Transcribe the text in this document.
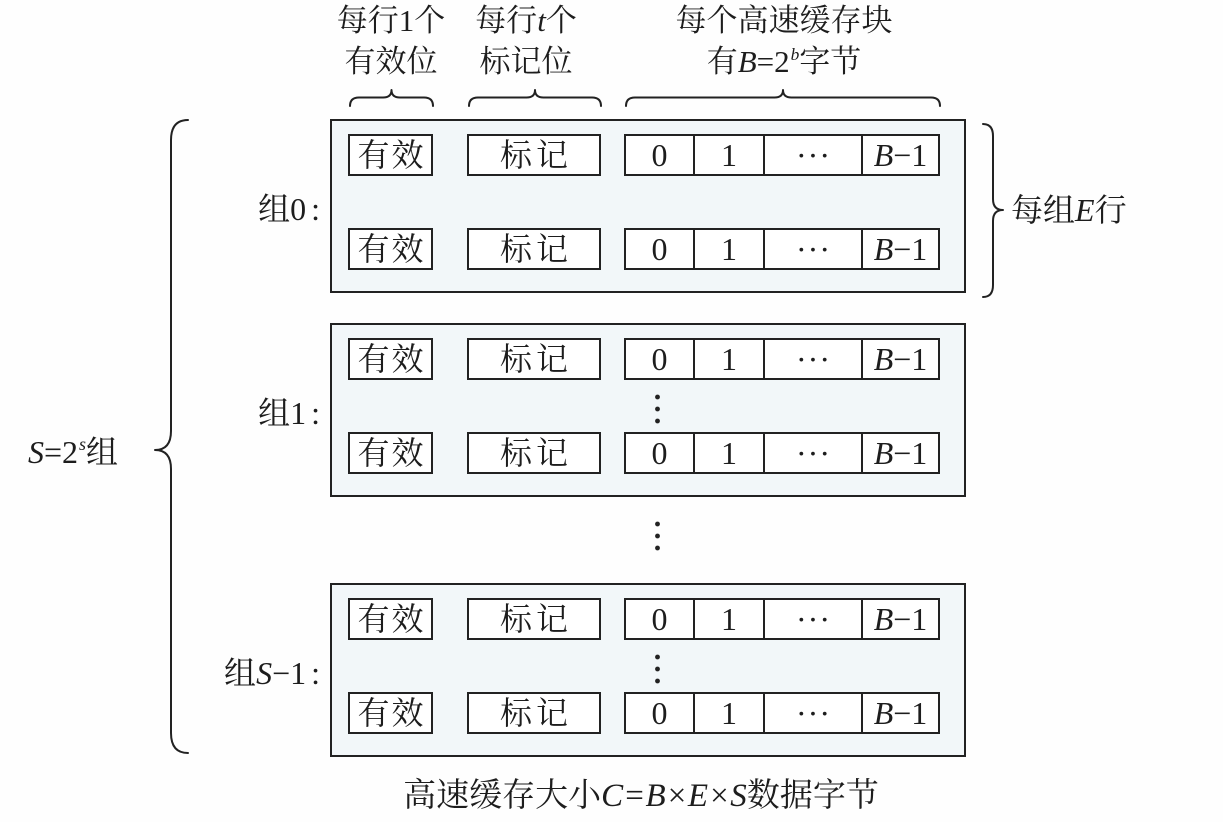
每行1个
有效位
每行t个
标记位
每个高速缓存块
有$B=2^b$字节
$S=2^s$组
每组E行
组0 :
有效	标记	0	1	···	B−1
有效	标记	0	1	···	B−1
组1 :
有效	标记	0	1	···	B−1
有效	标记	0	1	···	B−1
组S−1 :
有效	标记	0	1	···	B−1
有效	标记	0	1	···	B−1
高速缓存大小C=B×E×S数据字节
